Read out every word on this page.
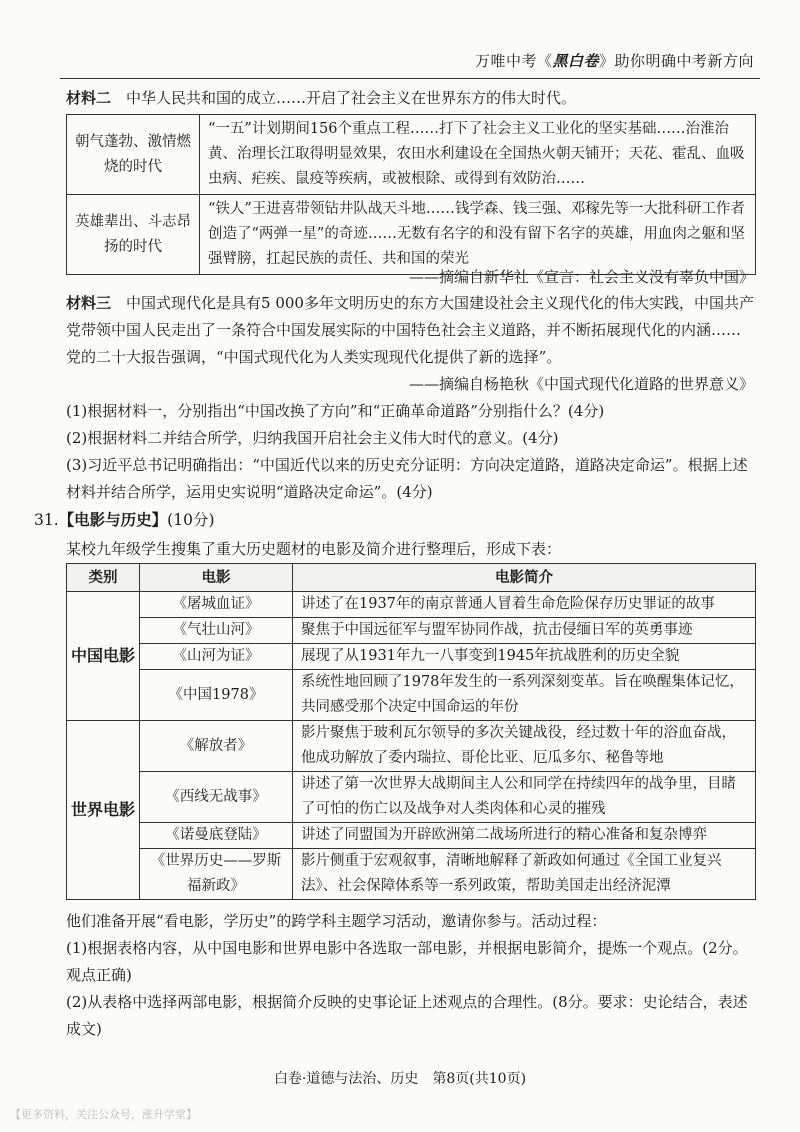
万唯中考《黑白卷》助你明确中考新方向
材料二　 中华人民共和国的成立……开启了社会主义在世界东方的伟大时代。
朝气蓬勃、激情燃烧的时代	“一五”计划期间156个重点工程……打下了社会主义工业化的坚实基础……治淮治黄、治理长江取得明显效果，农田水利建设在全国热火朝天铺开；天花、霍乱、血吸虫病、疟疾、鼠疫等疾病，或被根除、或得到有效防治……
英雄辈出、斗志昂扬的时代	“铁人”王进喜带领钻井队战天斗地……钱学森、钱三强、邓稼先等一大批科研工作者创造了“两弹一星”的奇迹……无数有名字的和没有留下名字的英雄，用血肉之躯和坚强臂膀，扛起民族的责任、共和国的荣光
——摘编自新华社《宣言：社会主义没有辜负中国》
材料三　 中国式现代化是具有5 000多年文明历史的东方大国建设社会主义现代化的伟大实践，中国共产党带领中国人民走出了一条符合中国发展实际的中国特色社会主义道路，并不断拓展现代化的内涵……党的二十大报告强调，“中国式现代化为人类实现现代化提供了新的选择”。
——摘编自杨艳秋《中国式现代化道路的世界意义》
(1)根据材料一，分别指出“中国改换了方向”和“正确革命道路”分别指什么？(4分)
(2)根据材料二并结合所学，归纳我国开启社会主义伟大时代的意义。(4分)
(3)习近平总书记明确指出：“中国近代以来的历史充分证明：方向决定道路，道路决定命运”。根据上述材料并结合所学，运用史实说明“道路决定命运”。(4分)
31.【电影与历史】(10分)
某校九年级学生搜集了重大历史题材的电影及简介进行整理后，形成下表：
类别	电影	电影简介
中国电影	《屠城血证》	讲述了在1937年的南京普通人冒着生命危险保存历史罪证的故事
	《气壮山河》	聚焦于中国远征军与盟军协同作战，抗击侵缅日军的英勇事迹
	《山河为证》	展现了从1931年九一八事变到1945年抗战胜利的历史全貌
	《中国1978》	系统性地回顾了1978年发生的一系列深刻变革。旨在唤醒集体记忆，共同感受那个决定中国命运的年份
世界电影	《解放者》	影片聚焦于玻利瓦尔领导的多次关键战役，经过数十年的浴血奋战，他成功解放了委内瑞拉、哥伦比亚、厄瓜多尔、秘鲁等地
	《西线无战事》	讲述了第一次世界大战期间主人公和同学在持续四年的战争里，目睹了可怕的伤亡以及战争对人类肉体和心灵的摧残
	《诺曼底登陆》	讲述了同盟国为开辟欧洲第二战场所进行的精心准备和复杂博弈
	《世界历史——罗斯福新政》	影片侧重于宏观叙事，清晰地解释了新政如何通过《全国工业复兴法》、社会保障体系等一系列政策，帮助美国走出经济泥潭
他们准备开展“看电影，学历史”的跨学科主题学习活动，邀请你参与。活动过程：
(1)根据表格内容，从中国电影和世界电影中各选取一部电影，并根据电影简介，提炼一个观点。(2分。观点正确)
(2)从表格中选择两部电影，根据简介反映的史事论证上述观点的合理性。(8分。要求：史论结合，表述成文)
白卷·道德与法治、历史　第8页(共10页)
【更多资料，关注公众号，涨升学堂】
